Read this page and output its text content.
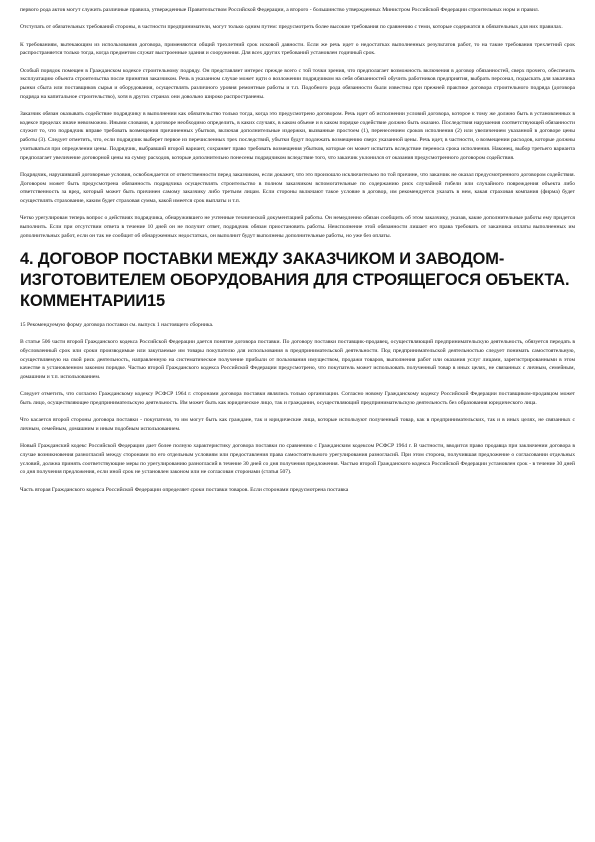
первого рода актов могут служить различные правила, утвержденные Правительством Российской Федерации, а второго - большинство утвержденных Министром Российской Федерации строительных норм и правил.

Отступать от обязательных требований стороны, в частности предприниматели, могут только одним путем: предусмотреть более высокие требования по сравнению с теми, которые содержатся в обязательных для них правилах.

К требованиям, вытекающим из использования договора, применяются общий трехлетний срок исковой давности. Если же речь идет о недостатках выполненных результатов работ, то на такие требования трехлетний срок распространяется только тогда, когда предметом служат выстроенные здания и сооружения. Для всех других требований установлен годичный срок.

Особый порядок помещен в Гражданском кодексе строительному подряду. Он представляет интерес прежде всего с той точки зрения, что предполагает возможность включения в договор обязанностей, сверх прочего, обеспечить эксплуатацию объекта строительства после принятия заказчиком. Речь в указанном случае может идти о возложении подрядчиком на себя обязанностей обучить работников предприятия, выбрать персонал, подыскать для заказчика рынки сбыта или поставщиков сырья и оборудования, осуществлять различного уровня ремонтные работы и т.п. Подобного рода обязанности были известны при прежней практике договора строительного подряда (договора подряда на капитальное строительство), хотя в других странах они довольно широко распространены.

Заказчик обязан оказывать содействие подрядчику в выполнении как обязательство только тогда, когда это предусмотрено договором. Речь идет об исполнении условий договора, которое к тому же должно быть в установленных в кодексе пределах иначе невозможно. Иными словами, в договоре необходимо определить, в каких случаях, в каком объеме и в каком порядке содействие должно быть оказано. Последствия нарушения соответствующей обязанности служит то, что подрядчик вправе требовать возмещения причиненных убытков, включая дополнительные издержки, вызванные простоем (1), перенесением сроков исполнения (2) или увеличением указанной в договоре цены работы (3). Следует отметить, что, если подрядчик выберет первое из перечисленных трех последствий, убытки будут подлежать возмещению сверх указанной цены. Речь идет, в частности, о возмещении расходов, которые должны учитываться при определении цены. Подрядчик, выбравший второй вариант, сохраняет право требовать возмещения убытков, которые он может испытать вследствие переноса срока исполнения. Наконец, выбор третьего варианта предполагает увеличение договорной цены на сумму расходов, которые дополнительно понесены подрядчиком вследствие того, что заказчик уклонился от оказания предусмотренного договором содействия.

Подрядчик, нарушивший договорные условия, освобождается от ответственности перед заказчиком, если докажет, что это произошло исключительно по той причине, что заказчик не оказал предусмотренного договором содействия. Договором может быть предусмотрена обязанность подрядчика осуществлять строительство в полном заказчиком вспомогательные по содержанию риск случайной гибели или случайного повреждения объекта либо ответственность за вред, который может быть причинен самому заказчику либо третьим лицам. Если стороны включают такое условие в договор, им рекомендуется указать в нем, какая страховая компания (фирма) будет осуществлять страхование, каким будет страховая сумма, какой имеется срок выплаты и т.п.

Четко урегулирован теперь вопрос о действиях подрядчика, обнаружившего не учтенные технической документацией работы. Он немедленно обязан сообщить об этом заказчику, указав, какие дополнительные работы ему придется выполнить. Если при отсутствии ответа в течение 10 дней он не получит ответ, подрядчик обязан приостановить работы. Неисполнение этой обязанности лишает его права требовать от заказчика оплаты выполненных им дополнительных работ, если он так не сообщит об обнаруженных недостатках, он выполнит будут выполнены дополнительные работы, но уже без оплаты.

4. ДОГОВОР ПОСТАВКИ МЕЖДУ ЗАКАЗЧИКОМ И ЗАВОДОМ-ИЗГОТОВИТЕЛЕМ ОБОРУДОВАНИЯ ДЛЯ СТРОЯЩЕГОСЯ ОБЪЕКТА. КОММЕНТАРИИ15

15 Рекомендуемую форму договора поставки см. выпуск 1 настоящего сборника.

В статье 506 части второй Гражданского кодекса Российской Федерации дается понятие договора поставки. По договору поставки поставщик-продавец, осуществляющий предпринимательскую деятельность, обязуется передать в обусловленный срок или сроки производимые или закупаемые им товары покупателю для использования в предпринимательской деятельности. Под предпринимательской деятельностью следует понимать самостоятельную, осуществляемую на свой риск деятельность, направленную на систематическое получение прибыли от пользования имуществом, продажи товаров, выполнения работ или оказания услуг лицами, зарегистрированными в этом качестве в установленном законом порядке. Частью второй Гражданского кодекса Российской Федерации предусмотрено, что покупатель может использовать полученный товар в иных целях, не связанных с личным, семейным, домашним и т.п. использованием.

Следует отметить, что согласно Гражданскому кодексу РСФСР 1964 г. сторонами договора поставки являлись только организации. Согласно новому Гражданскому кодексу Российской Федерации поставщиком-продавцом может быть лицо, осуществляющее предпринимательскую деятельность. Им может быть как юридическое лицо, так и гражданин, осуществляющий предпринимательскую деятельность без образования юридического лица.

Что касается второй стороны договора поставки - покупателя, то им могут быть как граждане, так и юридические лица, которые используют полученный товар, как в предпринимательских, так и в иных целях, не связанных с личным, семейным, домашним и иным подобным использованием.

Новый Гражданский кодекс Российской Федерации дает более полную характеристику договора поставки по сравнению с Гражданским кодексом РСФСР 1964 г. В частности, вводится право продавца при заключении договора в случае возникновения разногласий между сторонами по его отдельным условиям или предоставления права самостоятельного урегулирования разногласий. При этом сторона, получившая предложение о согласовании отдельных условий, должна принять соответствующие меры по урегулированию разногласий в течение 30 дней со дня получения предложения. Частью второй Гражданского кодекса Российской Федерации установлен срок - в течение 30 дней со дня получения предложения, если иной срок не установлен законом или не согласован сторонами (статья 507).

Часть вторая Гражданского кодекса Российской Федерации определяет сроки поставки товаров. Если сторонами предусмотрена поставка
